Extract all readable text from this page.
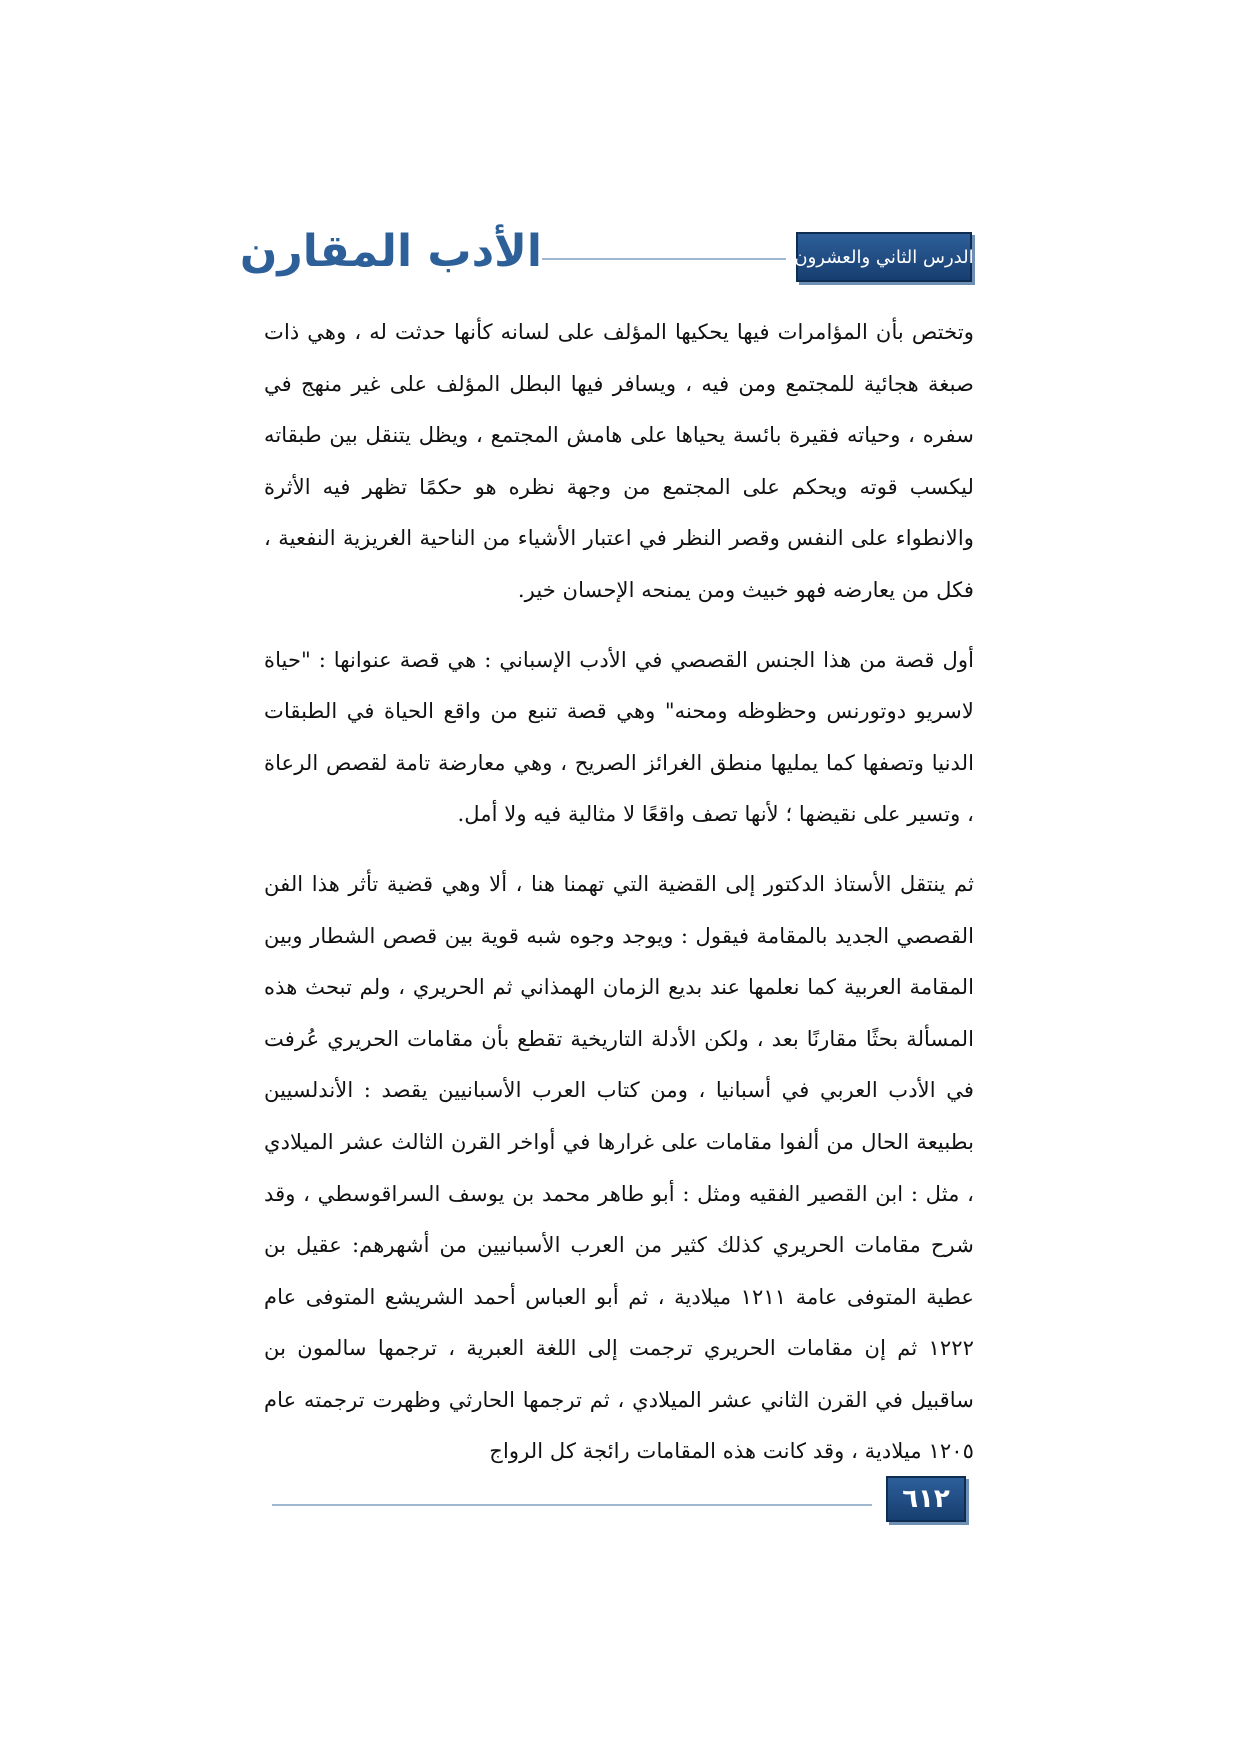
الدرس الثاني والعشرون
الأدب المقارن

وتختص بأن المؤامرات فيها يحكيها المؤلف على لسانه كأنها حدثت له ، وهي ذات صبغة هجائية للمجتمع ومن فيه ، ويسافر فيها البطل المؤلف على غير منهج في سفره ، وحياته فقيرة بائسة يحياها على هامش المجتمع ، ويظل يتنقل بين طبقاته ليكسب قوته ويحكم على المجتمع من وجهة نظره هو حكمًا تظهر فيه الأثرة والانطواء على النفس وقصر النظر في اعتبار الأشياء من الناحية الغريزية النفعية ، فكل من يعارضه فهو خبيث ومن يمنحه الإحسان خير.

أول قصة من هذا الجنس القصصي في الأدب الإسباني : هي قصة عنوانها : "حياة لاسريو دوتورنس وحظوظه ومحنه" وهي قصة تنبع من واقع الحياة في الطبقات الدنيا وتصفها كما يمليها منطق الغرائز الصريح ، وهي معارضة تامة لقصص الرعاة ، وتسير على نقيضها ؛ لأنها تصف واقعًا لا مثالية فيه ولا أمل.

ثم ينتقل الأستاذ الدكتور إلى القضية التي تهمنا هنا ، ألا وهي قضية تأثر هذا الفن القصصي الجديد بالمقامة فيقول : ويوجد وجوه شبه قوية بين قصص الشطار وبين المقامة العربية كما نعلمها عند بديع الزمان الهمذاني ثم الحريري ، ولم تبحث هذه المسألة بحثًا مقارنًا بعد ، ولكن الأدلة التاريخية تقطع بأن مقامات الحريري عُرفت في الأدب العربي في أسبانيا ، ومن كتاب العرب الأسبانيين يقصد : الأندلسيين بطبيعة الحال من ألفوا مقامات على غرارها في أواخر القرن الثالث عشر الميلادي ، مثل : ابن القصير الفقيه ومثل : أبو طاهر محمد بن يوسف السراقوسطي ، وقد شرح مقامات الحريري كذلك كثير من العرب الأسبانيين من أشهرهم: عقيل بن عطية المتوفى عامة ١٢١١ ميلادية ، ثم أبو العباس أحمد الشريشع المتوفى عام ١٢٢٢ ثم إن مقامات الحريري ترجمت إلى اللغة العبرية ، ترجمها سالمون بن ساقبيل في القرن الثاني عشر الميلادي ، ثم ترجمها الحارثي وظهرت ترجمته عام ١٢٠٥ ميلادية ، وقد كانت هذه المقامات رائجة كل الرواج

٦١٢
